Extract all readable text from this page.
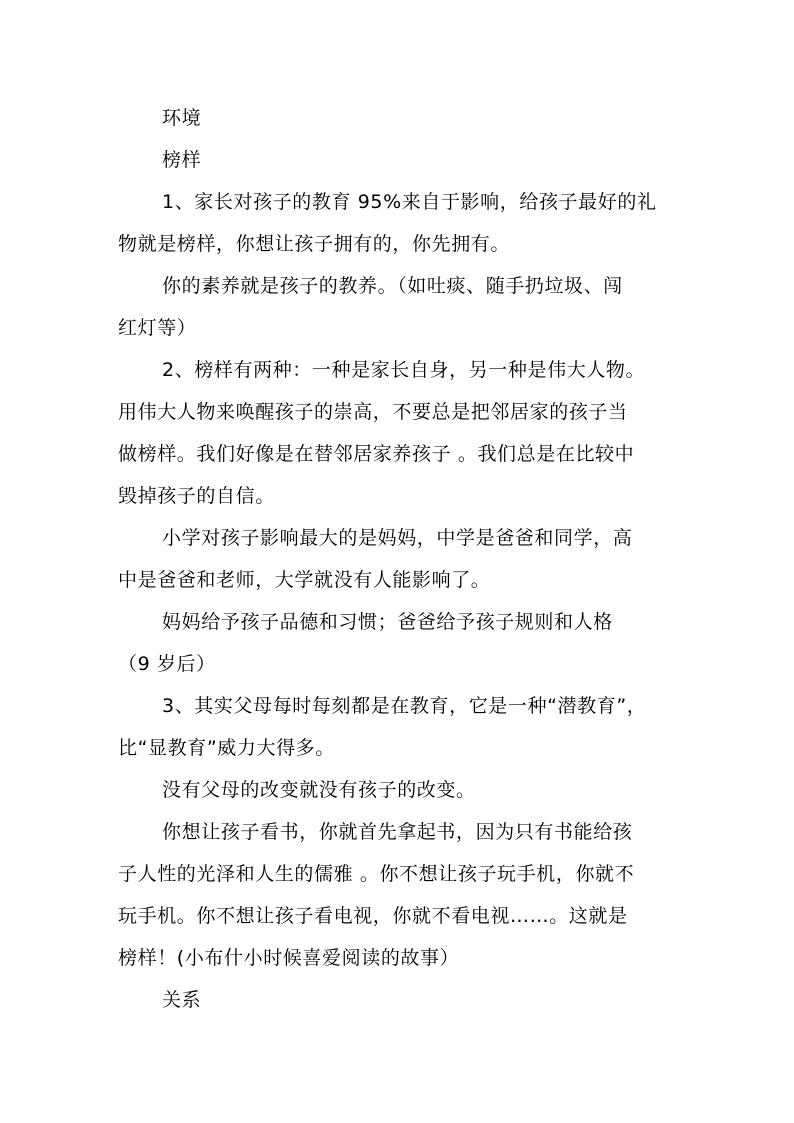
环境
榜样
1、家长对孩子的教育 95%来自于影响，给孩子最好的礼
物就是榜样，你想让孩子拥有的，你先拥有。
你的素养就是孩子的教养。（如吐痰、随手扔垃圾、闯
红灯等）
2、榜样有两种：一种是家长自身，另一种是伟大人物。
用伟大人物来唤醒孩子的崇高，不要总是把邻居家的孩子当
做榜样。我们好像是在替邻居家养孩子 。我们总是在比较中
毁掉孩子的自信。
小学对孩子影响最大的是妈妈，中学是爸爸和同学，高
中是爸爸和老师，大学就没有人能影响了。
妈妈给予孩子品德和习惯；爸爸给予孩子规则和人格
（9 岁后）
3、其实父母每时每刻都是在教育，它是一种“潜教育”，
比“显教育”威力大得多。
没有父母的改变就没有孩子的改变。
你想让孩子看书，你就首先拿起书，因为只有书能给孩
子人性的光泽和人生的儒雅 。你不想让孩子玩手机，你就不
玩手机。你不想让孩子看电视，你就不看电视……。这就是
榜样！(小布什小时候喜爱阅读的故事）
关系
